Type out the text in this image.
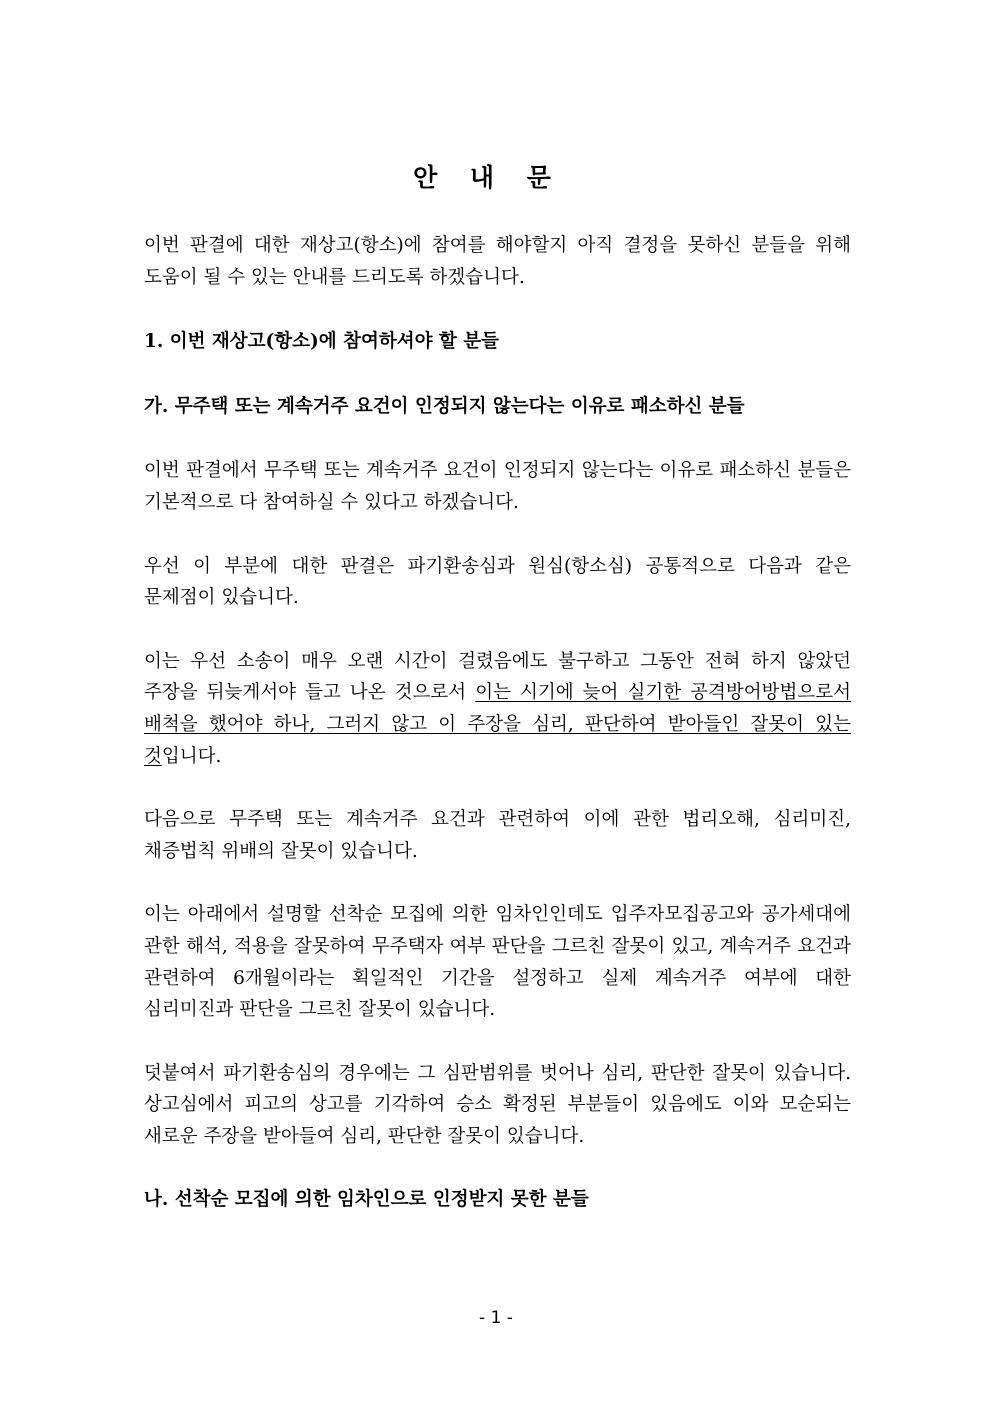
안 내 문

이번 판결에 대한 재상고(항소)에 참여를 해야할지 아직 결정을 못하신 분들을 위해 도움이 될 수 있는 안내를 드리도록 하겠습니다.

1. 이번 재상고(항소)에 참여하셔야 할 분들

가. 무주택 또는 계속거주 요건이 인정되지 않는다는 이유로 패소하신 분들

이번 판결에서 무주택 또는 계속거주 요건이 인정되지 않는다는 이유로 패소하신 분들은 기본적으로 다 참여하실 수 있다고 하겠습니다.

우선 이 부분에 대한 판결은 파기환송심과 원심(항소심) 공통적으로 다음과 같은 문제점이 있습니다.

이는 우선 소송이 매우 오랜 시간이 걸렸음에도 불구하고 그동안 전혀 하지 않았던 주장을 뒤늦게서야 들고 나온 것으로서 이는 시기에 늦어 실기한 공격방어방법으로서 배척을 했어야 하나, 그러지 않고 이 주장을 심리, 판단하여 받아들인 잘못이 있는 것입니다.

다음으로 무주택 또는 계속거주 요건과 관련하여 이에 관한 법리오해, 심리미진, 채증법칙 위배의 잘못이 있습니다.

이는 아래에서 설명할 선착순 모집에 의한 임차인인데도 입주자모집공고와 공가세대에 관한 해석, 적용을 잘못하여 무주택자 여부 판단을 그르친 잘못이 있고, 계속거주 요건과 관련하여 6개월이라는 획일적인 기간을 설정하고 실제 계속거주 여부에 대한 심리미진과 판단을 그르친 잘못이 있습니다.

덧붙여서 파기환송심의 경우에는 그 심판범위를 벗어나 심리, 판단한 잘못이 있습니다. 상고심에서 피고의 상고를 기각하여 승소 확정된 부분들이 있음에도 이와 모순되는 새로운 주장을 받아들여 심리, 판단한 잘못이 있습니다.

나. 선착순 모집에 의한 임차인으로 인정받지 못한 분들

- 1 -
